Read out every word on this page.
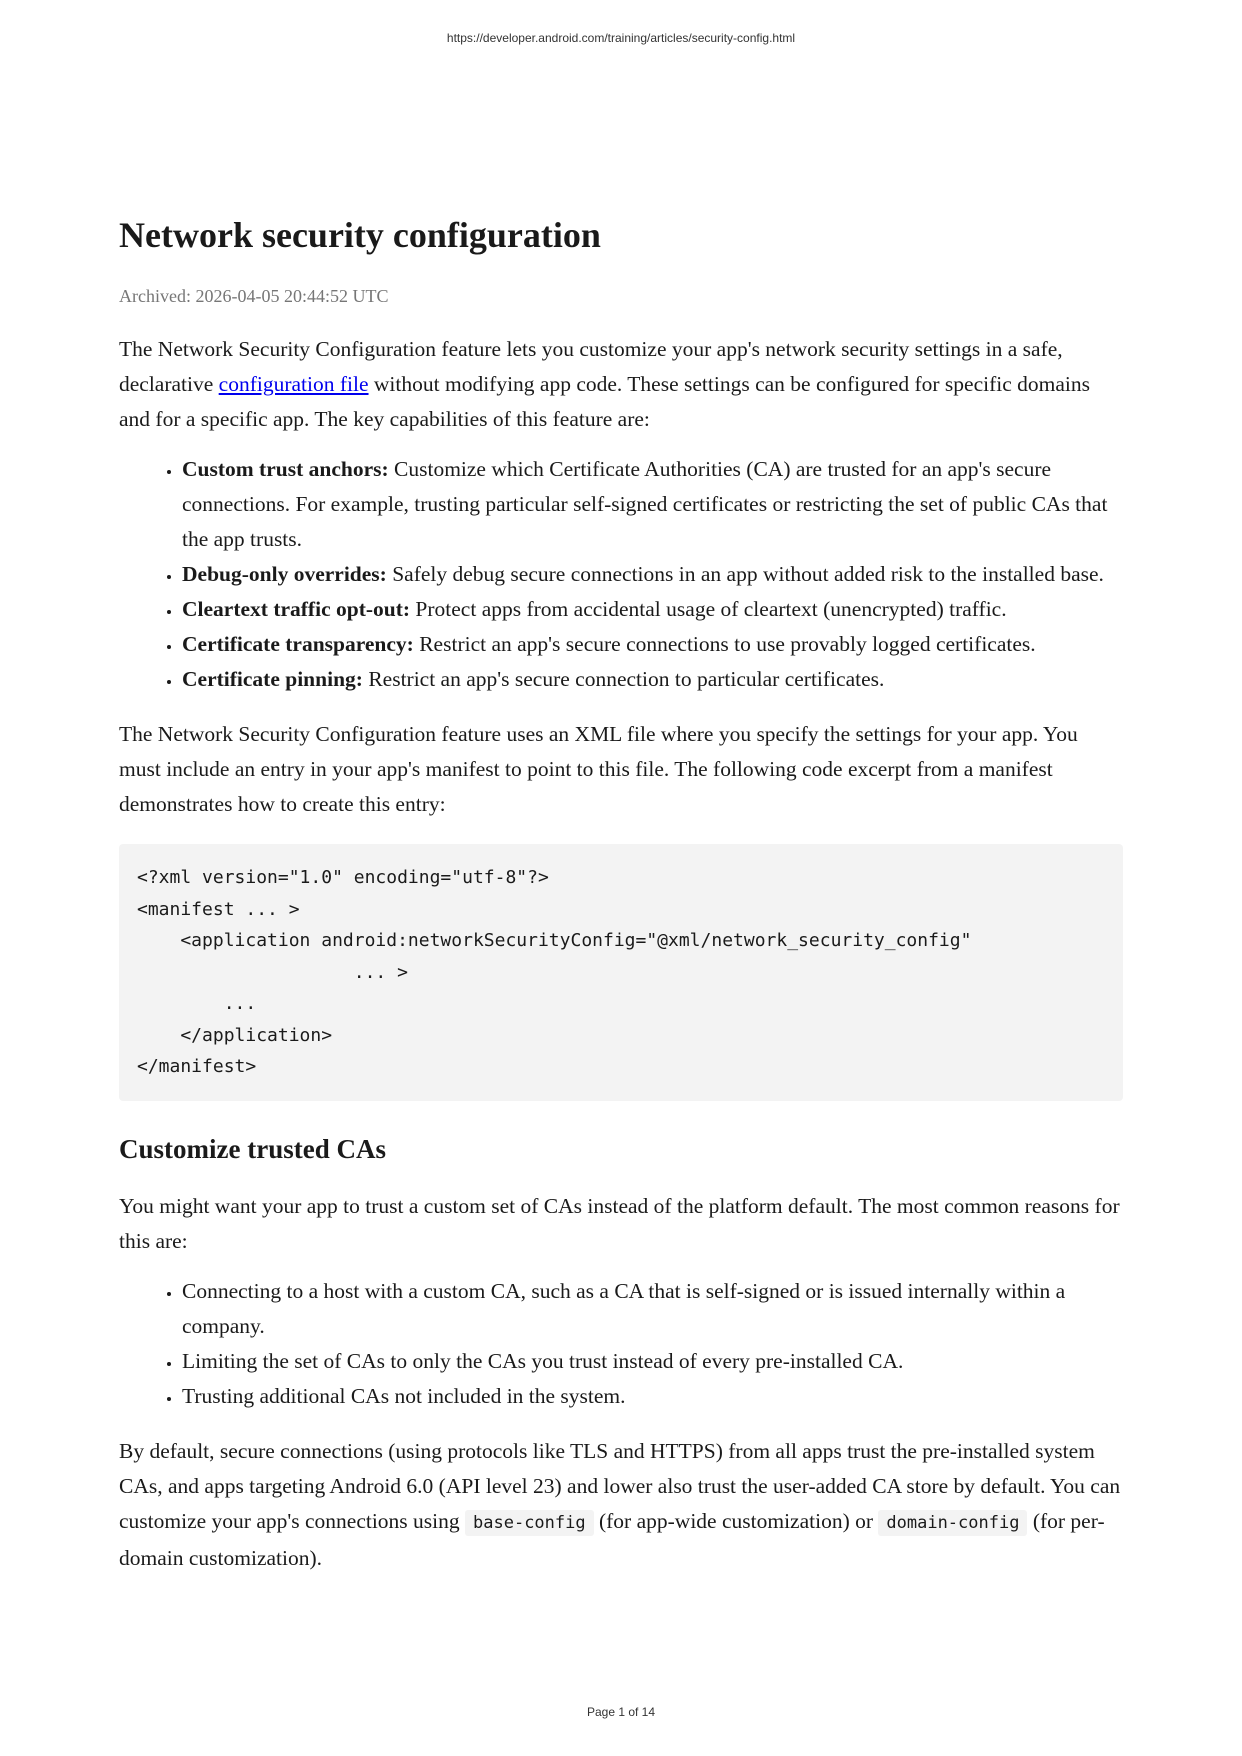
https://developer.android.com/training/articles/security-config.html
Network security configuration
Archived: 2026-04-05 20:44:52 UTC

The Network Security Configuration feature lets you customize your app's network security settings in a safe, declarative configuration file without modifying app code. These settings can be configured for specific domains and for a specific app. The key capabilities of this feature are:

• Custom trust anchors: Customize which Certificate Authorities (CA) are trusted for an app's secure connections. For example, trusting particular self-signed certificates or restricting the set of public CAs that the app trusts.
• Debug-only overrides: Safely debug secure connections in an app without added risk to the installed base.
• Cleartext traffic opt-out: Protect apps from accidental usage of cleartext (unencrypted) traffic.
• Certificate transparency: Restrict an app's secure connections to use provably logged certificates.
• Certificate pinning: Restrict an app's secure connection to particular certificates.

The Network Security Configuration feature uses an XML file where you specify the settings for your app. You must include an entry in your app's manifest to point to this file. The following code excerpt from a manifest demonstrates how to create this entry:

<?xml version="1.0" encoding="utf-8"?>
<manifest ... >
<application android:networkSecurityConfig="@xml/network_security_config"
... >
...
</application>
</manifest>
Customize trusted CAs

You might want your app to trust a custom set of CAs instead of the platform default. The most common reasons for this are:

• Connecting to a host with a custom CA, such as a CA that is self-signed or is issued internally within a company.
• Limiting the set of CAs to only the CAs you trust instead of every pre-installed CA.
• Trusting additional CAs not included in the system.

By default, secure connections (using protocols like TLS and HTTPS) from all apps trust the pre-installed system CAs, and apps targeting Android 6.0 (API level 23) and lower also trust the user-added CA store by default. You can customize your app's connections using base-config (for app-wide customization) or domain-config (for per-domain customization).

Page 1 of 14
